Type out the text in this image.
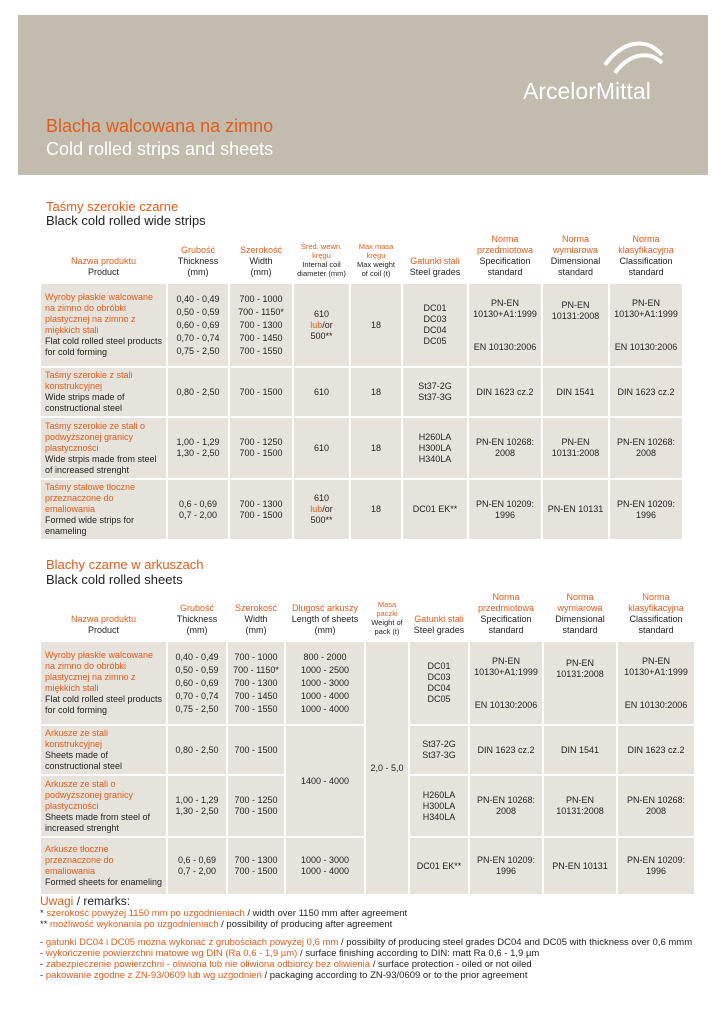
ArcelorMittal
Blacha walcowana na zimno
Cold rolled strips and sheets
Taśmy szerokie czarne
Black cold rolled wide strips
Nazwa produktu
Product	Grubość
Thickness
(mm)	Szerokość
Width
(mm)	Śred. wewn. kręgu
Internal coil diameter (mm)	Max masa kręgu
Max weight of coil (t)	Gatunki stali
Steel grades	Norma przedmiotowa
Specification standard	Norma wymiarowa
Dimensional standard	Norma klasyfikacyjna
Classification standard
Wyroby płaskie walcowane na zimno do obróbki plastycznej na zimno z miękkich stali
Flat cold rolled steel products for cold forming	0,40 - 0,49
0,50 - 0,59
0,60 - 0,69
0,70 - 0,74
0,75 - 2,50	700 - 1000
700 - 1150*
700 - 1300
700 - 1450
700 - 1550	610
lub/or
500**	18	DC01
DC03
DC04
DC05	PN-EN 10130+A1:1999

EN 10130:2006	PN-EN 10131:2008	PN-EN 10130+A1:1999

EN 10130:2006
Taśmy szerokie z stali konstrukcyjnej
Wide strips made of constructional steel	0,80 - 2,50	700 - 1500	610	18	St37-2G
St37-3G	DIN 1623 cz.2	DIN 1541	DIN 1623 cz.2
Taśmy szerokie ze stali o podwyższonej granicy plastyczności
Wide strpis made from steel of increased strenght	1,00 - 1,29
1,30 - 2,50	700 - 1250
700 - 1500	610	18	H260LA
H300LA
H340LA	PN-EN 10268: 2008	PN-EN 10131:2008	PN-EN 10268: 2008
Taśmy stalowe tłoczne przeznaczone do emaliowania
Formed wide strips for enameling	0,6 - 0,69
0,7 - 2,00	700 - 1300
700 - 1500	610
lub/or
500**	18	DC01 EK**	PN-EN 10209: 1996	PN-EN 10131	PN-EN 10209: 1996
Blachy czarne w arkuszach
Black cold rolled sheets
Nazwa produktu
Product	Grubość
Thickness
(mm)	Szerokość
Width
(mm)	Długość arkuszy
Length of sheets
(mm)	Masa paczki
Weight of pack (t)	Gatunki stali
Steel grades	Norma przedmiotowa
Specification standard	Norma wymiarowa
Dimensional standard	Norma klasyfikacyjna
Classification standard
Wyroby płaskie walcowane na zimno do obróbki plastycznej na zimno z miękkich stali
Flat cold rolled steel products for cold forming	0,40 - 0,49
0,50 - 0,59
0,60 - 0,69
0,70 - 0,74
0,75 - 2,50	700 - 1000
700 - 1150*
700 - 1300
700 - 1450
700 - 1550	800 - 2000
1000 - 2500
1000 - 3000
1000 - 4000
1000 - 4000	2,0 - 5,0	DC01
DC03
DC04
DC05	PN-EN 10130+A1:1999

EN 10130:2006	PN-EN 10131:2008	PN-EN 10130+A1:1999

EN 10130:2006
Arkusze ze stali konstrukcyjnej
Sheets made of constructional steel	0,80 - 2,50	700 - 1500	1400 - 4000		St37-2G
St37-3G	DIN 1623 cz.2	DIN 1541	DIN 1623 cz.2
Arkusze ze stali o podwyższonej granicy plastyczności
Sheets made from steel of increased strenght	1,00 - 1,29
1,30 - 2,50	700 - 1250
700 - 1500			H260LA
H300LA
H340LA	PN-EN 10268: 2008	PN-EN 10131:2008	PN-EN 10268: 2008
Arkusze tłoczne przeznaczone do emaliowania
Formed sheets for enameling	0,6 - 0,69
0,7 - 2,00	700 - 1300
700 - 1500	1000 - 3000
1000 - 4000		DC01 EK**	PN-EN 10209: 1996	PN-EN 10131	PN-EN 10209: 1996
Uwagi / remarks:
* szerokość powyżej 1150 mm po uzgodnieniach / width over 1150 mm after agreement
** możliwość wykonania po uzgodnieniach / possibility of producing after agreement
- gatunki DC04 i DC05 można wykonać z grubościach powyżej 0,6 mm / possibilty of producing steel grades DC04 and DC05 with thickness over 0,6 mmm
- wykończenie powierzchni matowe wg DIN (Ra 0,6 - 1,9 µm) / surface finishing according to DIN: matt Ra 0,6 - 1,9 µm
- zabezpieczenie powierzchni - oliwiona lub nie oliwiona odbiorcy bez oliwienia / surface protection - oiled or not oiled
- pakowanie zgodne z ZN-93/0609 lub wg uzgodnień / packaging according to ZN-93/0609 or to the prior agreement
